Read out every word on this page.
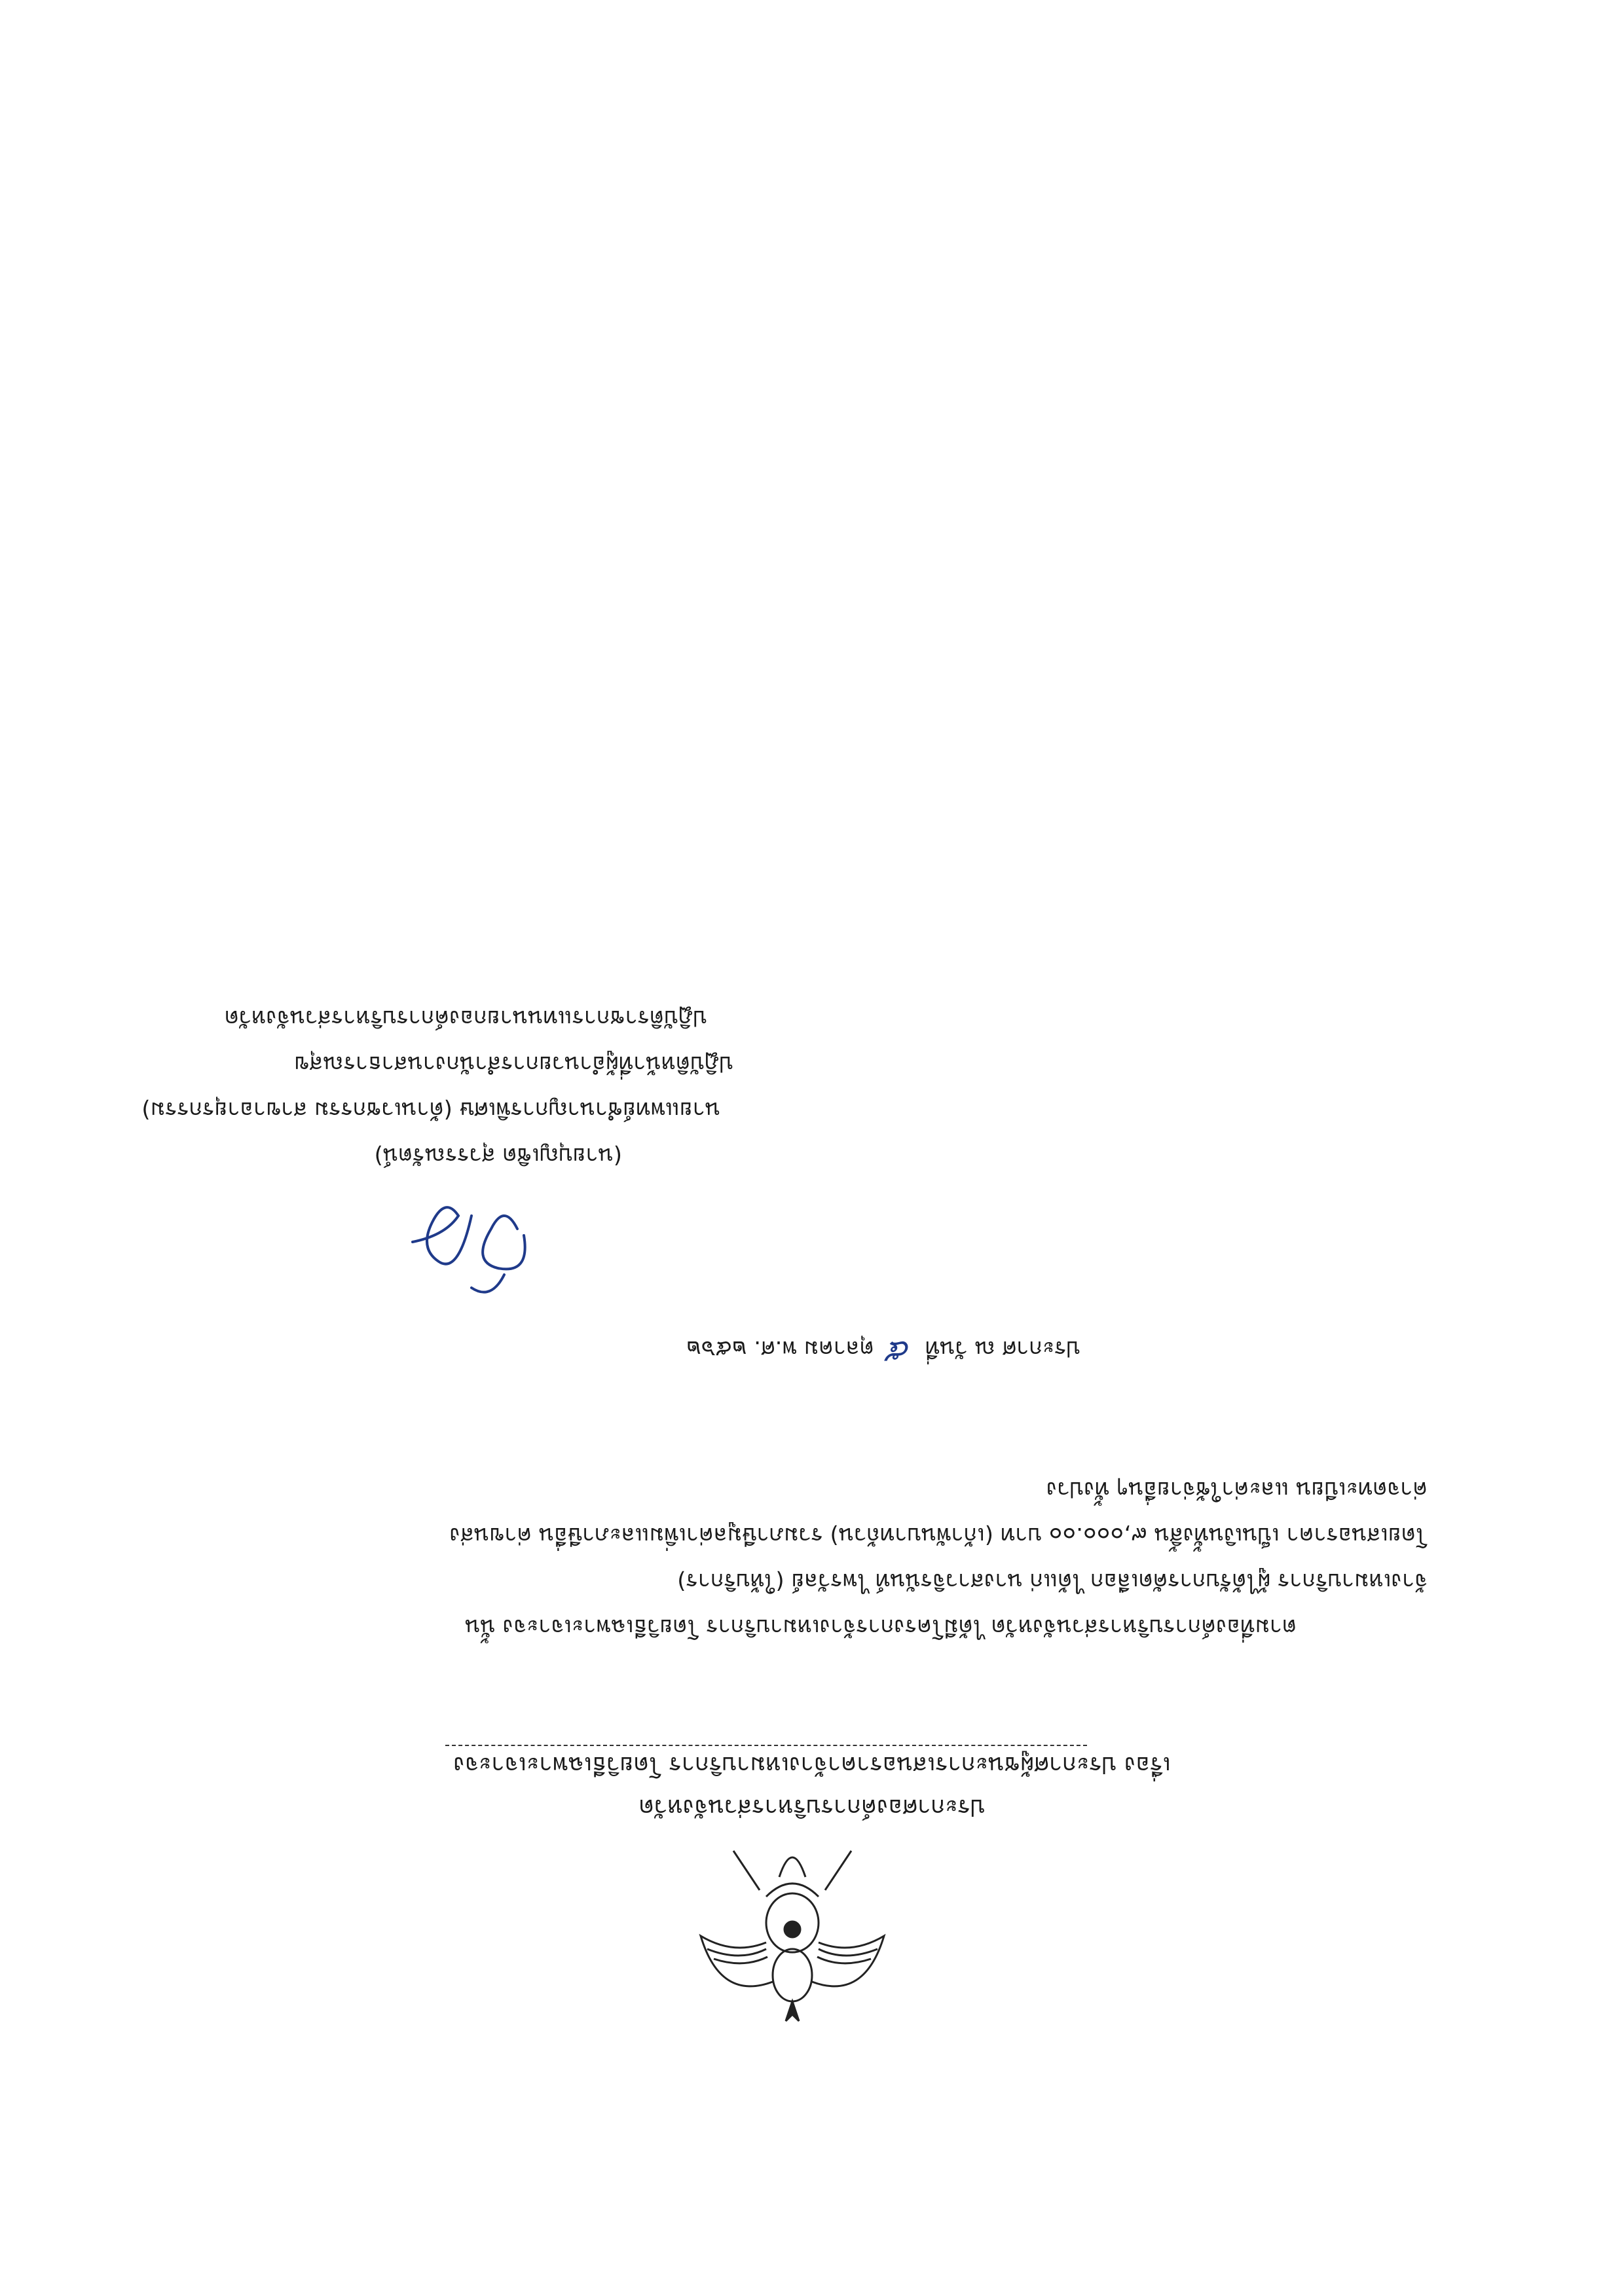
ประกาศองค์การบริหารส่วนจังหวัด
เรื่อง ประกาศผู้ชนะการเสนอราคาจ้างเหมาบริการ โดยวิธีเฉพาะเจาะจง
ตามที่องค์การบริหารส่วนจังหวัด ได้มีโครงการจ้างเหมาบริการ โดยวิธีเฉพาะเจาะจง นั้น
จ้างเหมาบริการ ผู้ได้รับการคัดเลือก ได้แก่ นางสาวจิรนันท์ ไพรวัลย์ (ให้บริการ)
โดยเสนอราคา เป็นเงินทั้งสิ้น ๙,๐๐๐.๐๐ บาท (เก้าพันบาทถ้วน) รวมภาษีมูลค่าเพิ่มและภาษีอื่น ค่าขนส่ง
ค่าจดทะเบียน และค่าใช้จ่ายอื่นๆ ทั้งปวง
ประกาศ ณ วันที่ ๕ ตุลาคม พ.ศ. ๒๕๖๒
(นายบุญเชิด สุวรรณรัตน์)
นายแพทย์ชำนาญการพิเศษ (ด้านเวชกรรม สาขาอายุรกรรม)
ปฏิบัติหน้าที่ผู้อำนวยการสำนักงานสาธารณสุข
ปฏิบัติราชการแทนนายกองค์การบริหารส่วนจังหวัด
